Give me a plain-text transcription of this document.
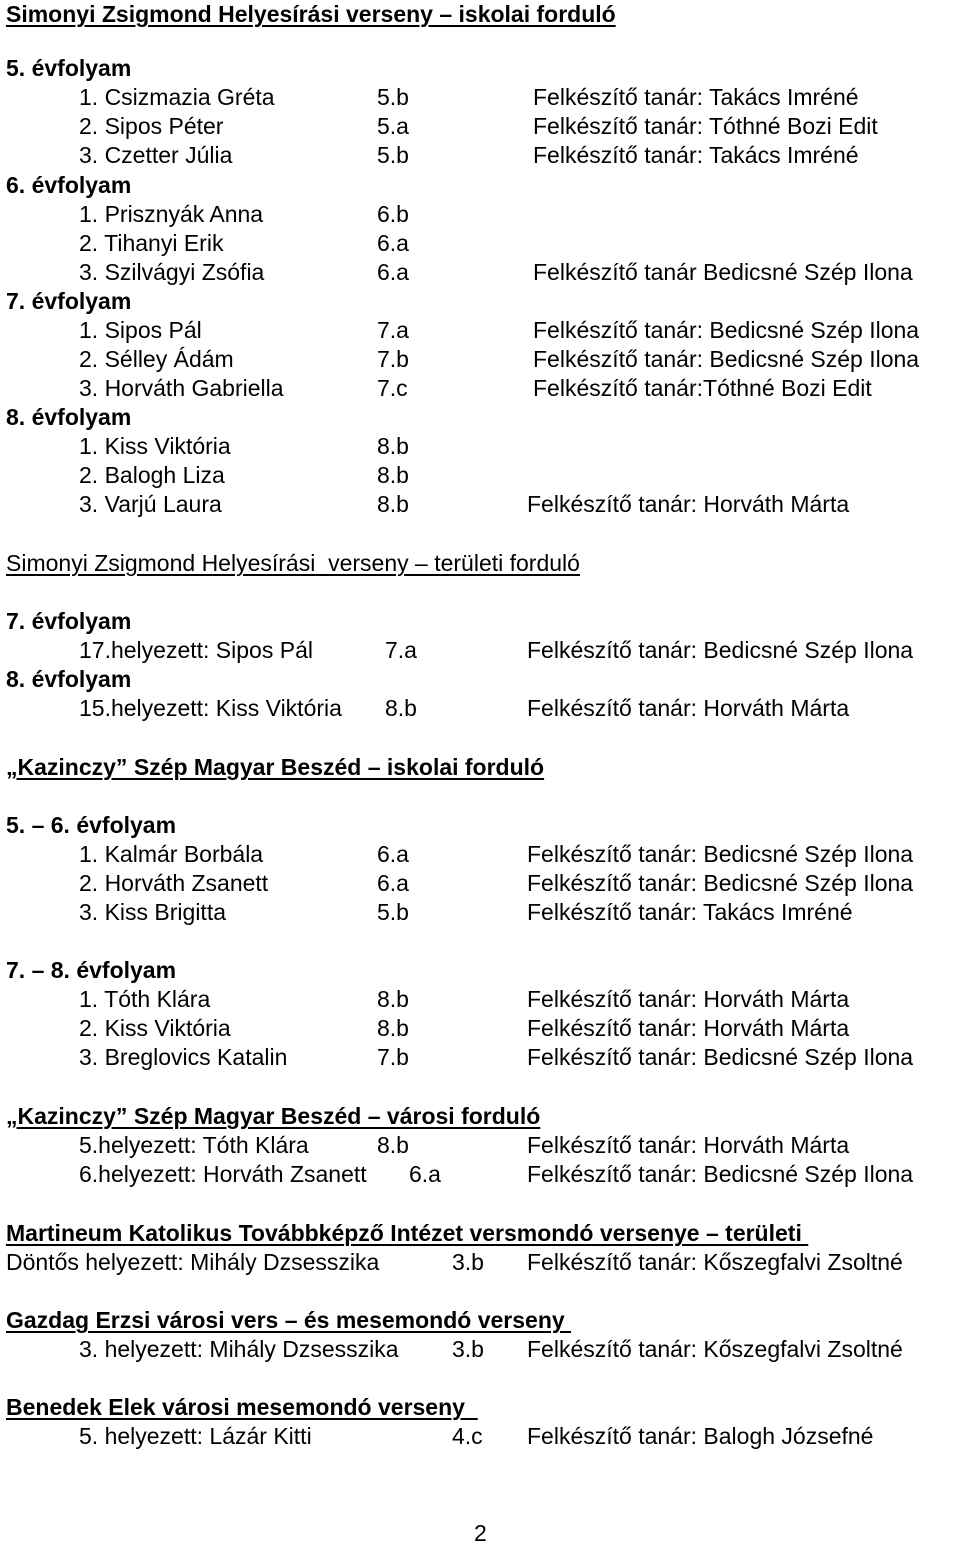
Simonyi Zsigmond Helyesírási verseny – iskolai forduló
5. évfolyam
1. Csizmazia Gréta	5.b	Felkészítő tanár: Takács Imréné
2. Sipos Péter	5.a	Felkészítő tanár: Tóthné Bozi Edit
3. Czetter Júlia	5.b	Felkészítő tanár: Takács Imréné
6. évfolyam
1. Prisznyák Anna	6.b
2. Tihanyi Erik	6.a
3. Szilvágyi Zsófia	6.a	Felkészítő tanár Bedicsné Szép Ilona
7. évfolyam
1. Sipos Pál	7.a	Felkészítő tanár: Bedicsné Szép Ilona
2. Sélley Ádám	7.b	Felkészítő tanár: Bedicsné Szép Ilona
3. Horváth Gabriella	7.c	Felkészítő tanár:Tóthné Bozi Edit
8. évfolyam
1. Kiss Viktória	8.b
2. Balogh Liza	8.b
3. Varjú Laura	8.b	Felkészítő tanár: Horváth Márta
Simonyi Zsigmond Helyesírási  verseny – területi forduló
7. évfolyam
17.helyezett: Sipos Pál	7.a	Felkészítő tanár: Bedicsné Szép Ilona
8. évfolyam
15.helyezett: Kiss Viktória 8.b	Felkészítő tanár: Horváth Márta
„Kazinczy” Szép Magyar Beszéd – iskolai forduló
5. – 6. évfolyam
1. Kalmár Borbála	6.a	Felkészítő tanár: Bedicsné Szép Ilona
2. Horváth Zsanett	6.a	Felkészítő tanár: Bedicsné Szép Ilona
3. Kiss Brigitta	5.b	Felkészítő tanár: Takács Imréné
7. – 8. évfolyam
1. Tóth Klára	8.b	Felkészítő tanár: Horváth Márta
2. Kiss Viktória	8.b	Felkészítő tanár: Horváth Márta
3. Breglovics Katalin	7.b	Felkészítő tanár: Bedicsné Szép Ilona
„Kazinczy” Szép Magyar Beszéd – városi forduló
5.helyezett: Tóth Klára	8.b	Felkészítő tanár: Horváth Márta
6.helyezett: Horváth Zsanett 6.a	Felkészítő tanár: Bedicsné Szép Ilona
Martineum Katolikus Továbbképző Intézet versmondó versenye – területi
Döntős helyezett: Mihály Dzsesszika	3.b Felkészítő tanár: Kőszegfalvi Zsoltné
Gazdag Erzsi városi vers – és mesemondó verseny
3. helyezett: Mihály Dzsesszika 3.b Felkészítő tanár: Kőszegfalvi Zsoltné
Benedek Elek városi mesemondó verseny
5. helyezett: Lázár Kitti	4.c Felkészítő tanár: Balogh Józsefné
2
